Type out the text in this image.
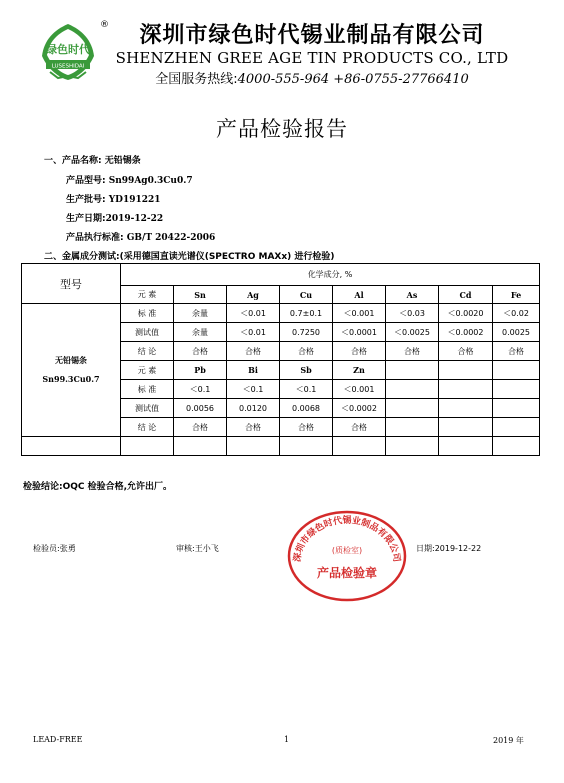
绿色时代
LUSESHIDAI
®	深圳市绿色时代锡业制品有限公司
SHENZHEN GREE AGE TIN PRODUCTS CO., LTD
全国服务热线:4000-555-964 +86-0755-27766410
产品检验报告
一、产品名称: 无铅锡条
产品型号: Sn99Ag0.3Cu0.7
生产批号: YD191221
生产日期:2019-12-22
产品执行标准: GB/T 20422-2006
二、金属成分测试:(采用德国直读光谱仪(SPECTRO MAXx) 进行检验)
型号	化学成分, %							
	元 素	Sn	Ag	Cu	Al	As	Cd	Fe

无铅锡条
Sn99.3Cu0.7	标 准	余量	＜0.01	0.7±0.1	＜0.001	＜0.03	＜0.0020	＜0.02
	测试值	余量	＜0.01	0.7250	＜0.0001	＜0.0025	＜0.0002	0.0025
	结 论	合格	合格	合格	合格	合格	合格	合格
	元 素	Pb	Bi	Sb	Zn			
	标 准	＜0.1	＜0.1	＜0.1	＜0.001			
	测试值	0.0056	0.0120	0.0068	＜0.0002			
	结 论	合格	合格	合格	合格			

检验结论:OQC 检验合格,允许出厂。
检验员:张勇	审核:王小飞	日期:2019-12-22
深圳市绿色时代锡业制品有限公司
(质检室)
产品检验章
LEAD-FREE	1	2019 年
